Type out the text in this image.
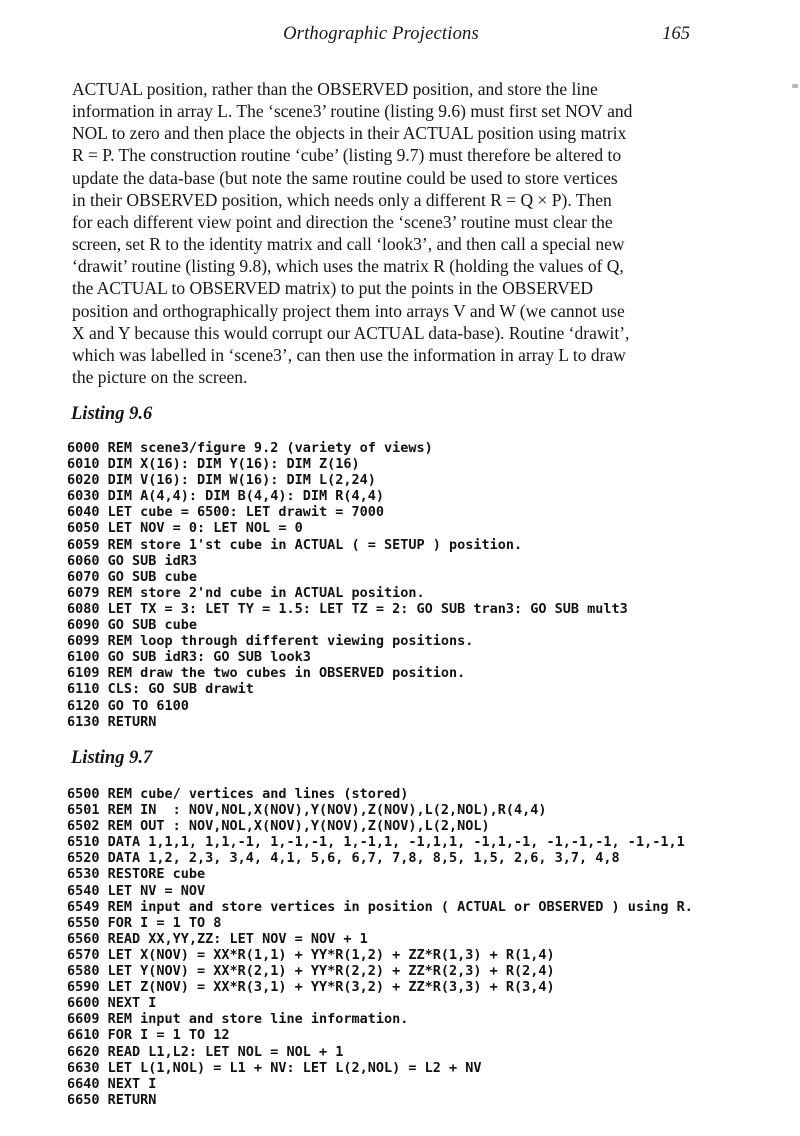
Orthographic Projections	165
ACTUAL position, rather than the OBSERVED position, and store the line
information in array L. The ‘scene3’ routine (listing 9.6) must first set NOV and
NOL to zero and then place the objects in their ACTUAL position using matrix
R = P. The construction routine ‘cube’ (listing 9.7) must therefore be altered to
update the data-base (but note the same routine could be used to store vertices
in their OBSERVED position, which needs only a different R = Q × P). Then
for each different view point and direction the ‘scene3’ routine must clear the
screen, set R to the identity matrix and call ‘look3’, and then call a special new
‘drawit’ routine (listing 9.8), which uses the matrix R (holding the values of Q,
the ACTUAL to OBSERVED matrix) to put the points in the OBSERVED
position and orthographically project them into arrays V and W (we cannot use
X and Y because this would corrupt our ACTUAL data-base). Routine ‘drawit’,
which was labelled in ‘scene3’, can then use the information in array L to draw
the picture on the screen.
Listing 9.6
6000 REM scene3/figure 9.2 (variety of views)
6010 DIM X(16): DIM Y(16): DIM Z(16)
6020 DIM V(16): DIM W(16): DIM L(2,24)
6030 DIM A(4,4): DIM B(4,4): DIM R(4,4)
6040 LET cube = 6500: LET drawit = 7000
6050 LET NOV = 0: LET NOL = 0
6059 REM store 1'st cube in ACTUAL ( = SETUP ) position.
6060 GO SUB idR3
6070 GO SUB cube
6079 REM store 2'nd cube in ACTUAL position.
6080 LET TX = 3: LET TY = 1.5: LET TZ = 2: GO SUB tran3: GO SUB mult3
6090 GO SUB cube
6099 REM loop through different viewing positions.
6100 GO SUB idR3: GO SUB look3
6109 REM draw the two cubes in OBSERVED position.
6110 CLS: GO SUB drawit
6120 GO TO 6100
6130 RETURN
Listing 9.7
6500 REM cube/ vertices and lines (stored)
6501 REM IN  : NOV,NOL,X(NOV),Y(NOV),Z(NOV),L(2,NOL),R(4,4)
6502 REM OUT : NOV,NOL,X(NOV),Y(NOV),Z(NOV),L(2,NOL)
6510 DATA 1,1,1, 1,1,-1, 1,-1,-1, 1,-1,1, -1,1,1, -1,1,-1, -1,-1,-1, -1,-1,1
6520 DATA 1,2, 2,3, 3,4, 4,1, 5,6, 6,7, 7,8, 8,5, 1,5, 2,6, 3,7, 4,8
6530 RESTORE cube
6540 LET NV = NOV
6549 REM input and store vertices in position ( ACTUAL or OBSERVED ) using R.
6550 FOR I = 1 TO 8
6560 READ XX,YY,ZZ: LET NOV = NOV + 1
6570 LET X(NOV) = XX*R(1,1) + YY*R(1,2) + ZZ*R(1,3) + R(1,4)
6580 LET Y(NOV) = XX*R(2,1) + YY*R(2,2) + ZZ*R(2,3) + R(2,4)
6590 LET Z(NOV) = XX*R(3,1) + YY*R(3,2) + ZZ*R(3,3) + R(3,4)
6600 NEXT I
6609 REM input and store line information.
6610 FOR I = 1 TO 12
6620 READ L1,L2: LET NOL = NOL + 1
6630 LET L(1,NOL) = L1 + NV: LET L(2,NOL) = L2 + NV
6640 NEXT I
6650 RETURN
